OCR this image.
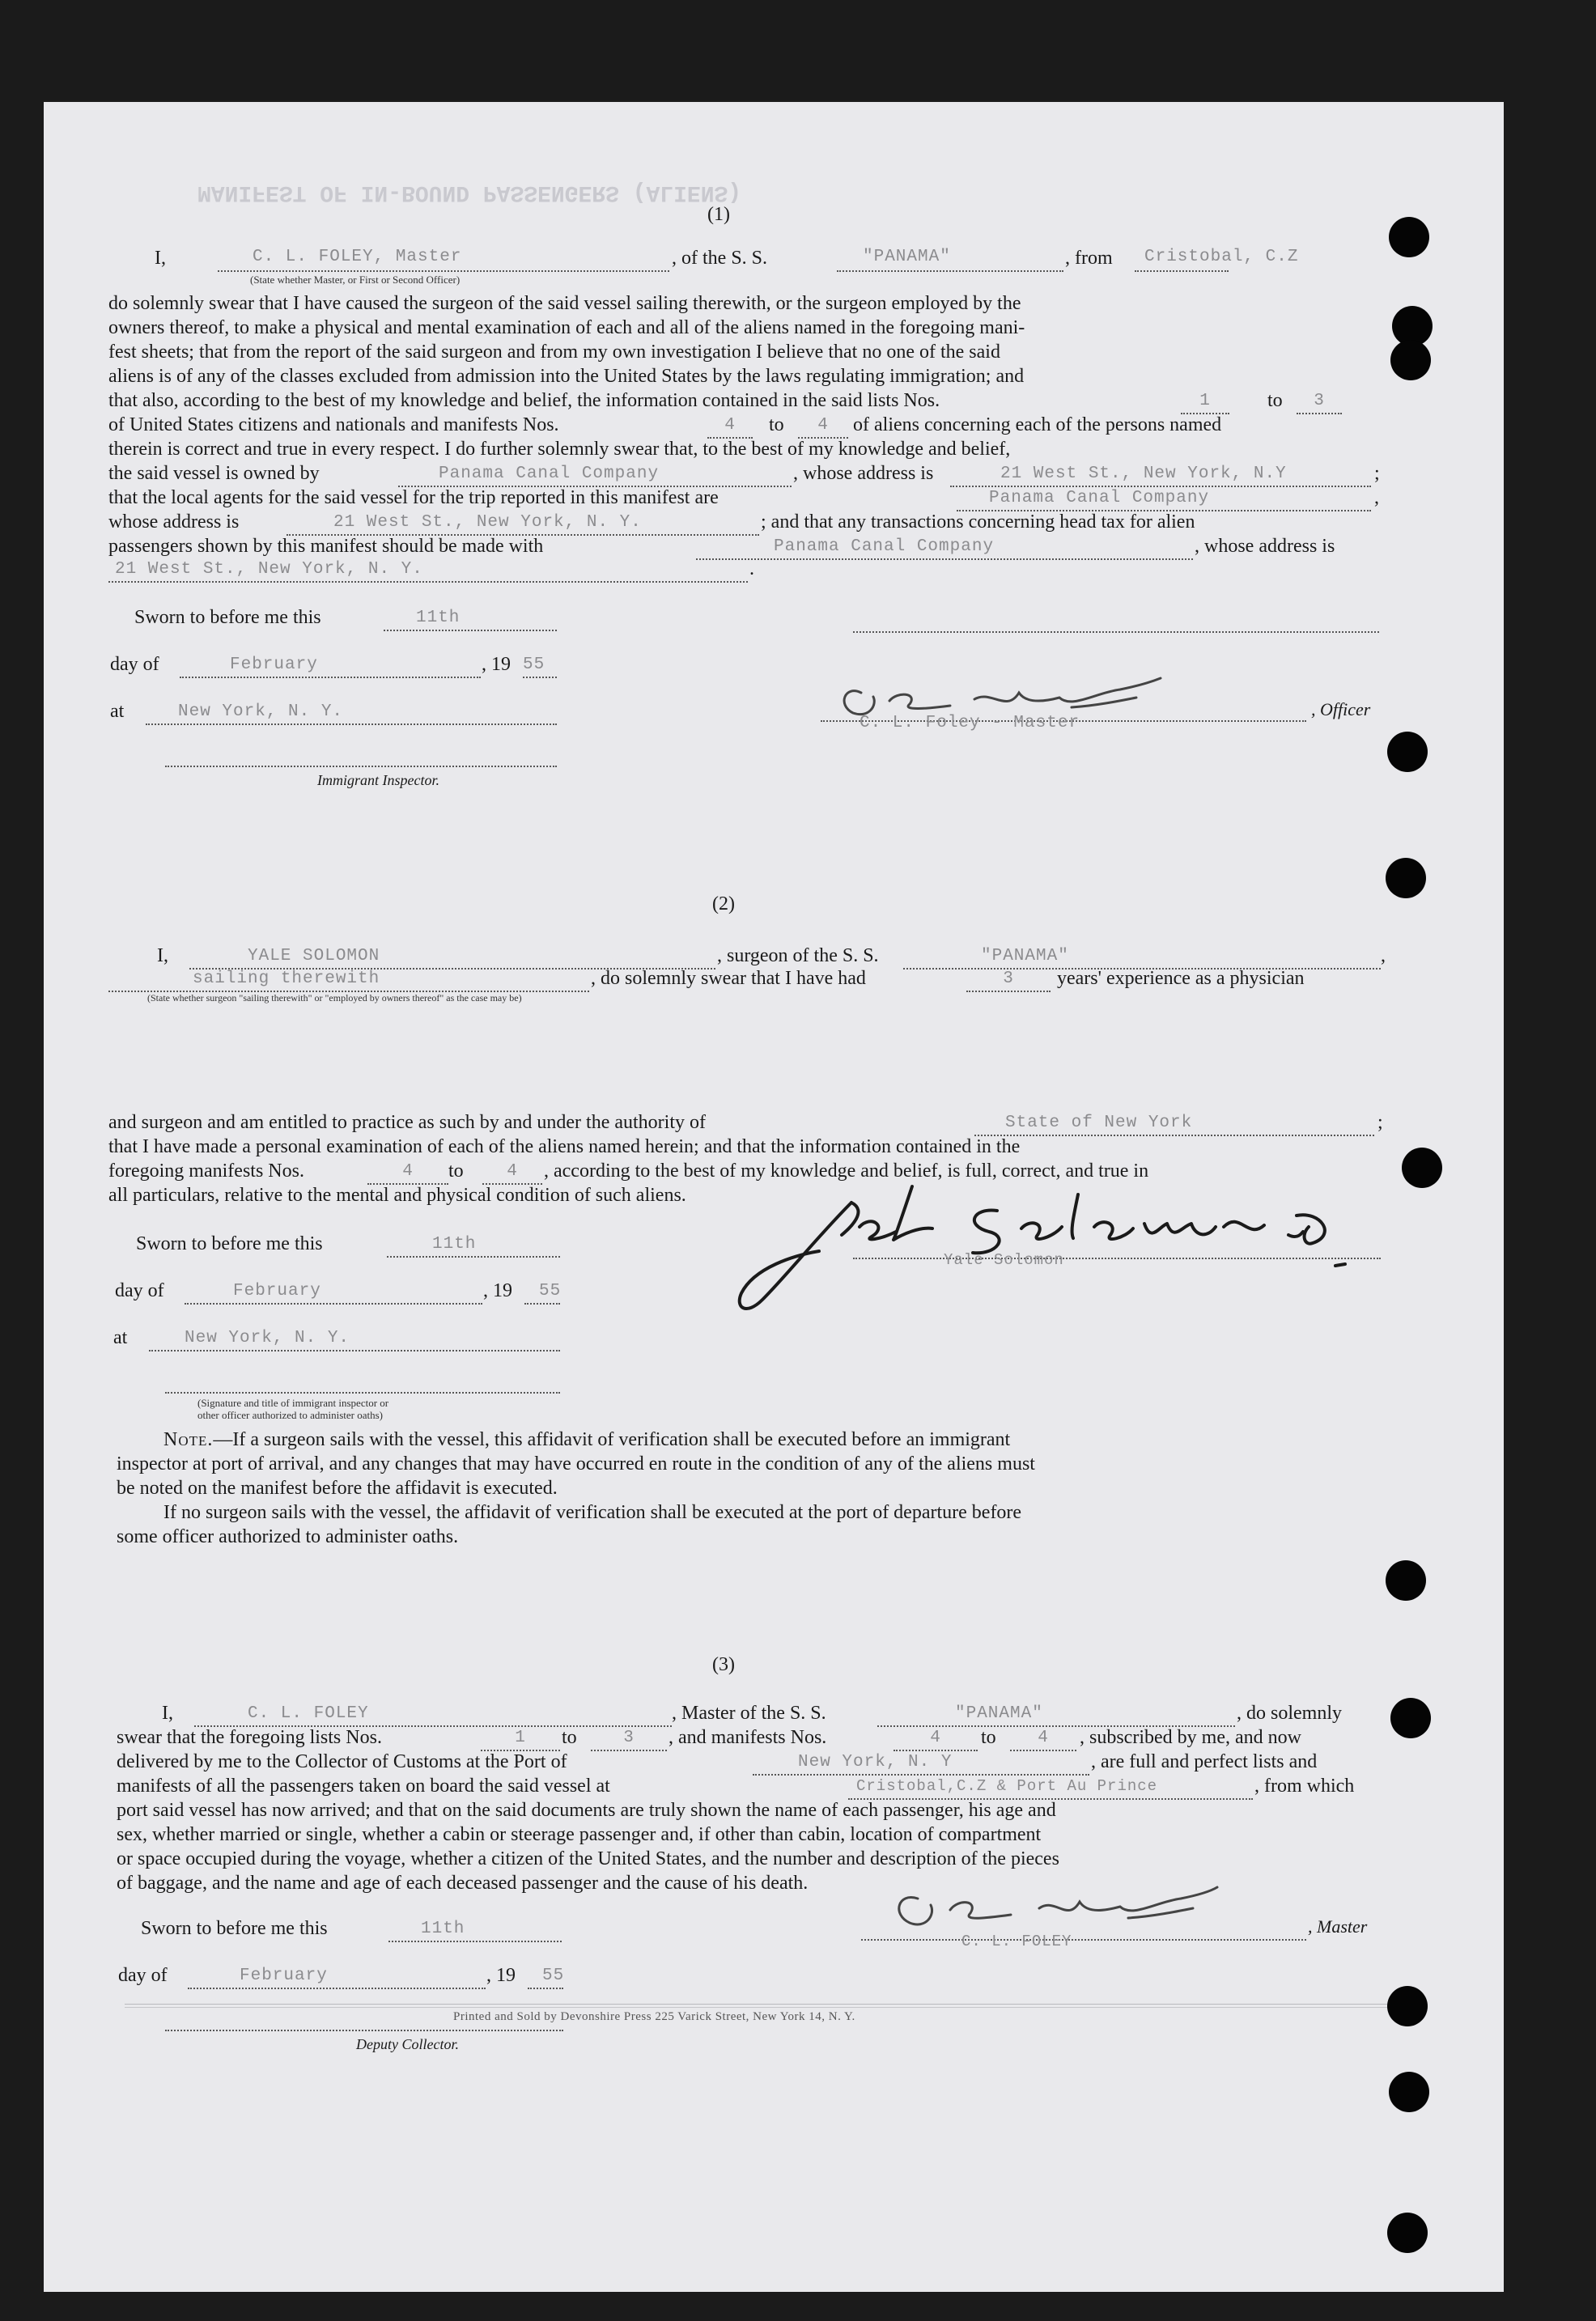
MANIFEST OF IN-BOUND PASSENGERS (ALIENS)
(1)
I,	C. L. FOLEY, Master	, of the S. S.	"PANAMA"	, from	Cristobal, C.Z
(State whether Master, or First or Second Officer)
do solemnly swear that I have caused the surgeon of the said vessel sailing therewith, or the surgeon employed by the
owners thereof, to make a physical and mental examination of each and all of the aliens named in the foregoing mani-
fest sheets; that from the report of the said surgeon and from my own investigation I believe that no one of the said
aliens is of any of the classes excluded from admission into the United States by the laws regulating immigration; and
that also, according to the best of my knowledge and belief, the information contained in the said lists Nos.	1	to	3
of United States citizens and nationals and manifests Nos.	4	to	4	of aliens concerning each of the persons named
therein is correct and true in every respect. I do further solemnly swear that, to the best of my knowledge and belief,
the said vessel is owned by	Panama Canal Company	, whose address is	21 West St., New York, N.Y	;
that the local agents for the said vessel for the trip reported in this manifest are	Panama Canal Company	,
whose address is	21 West St., New York, N. Y.	; and that any transactions concerning head tax for alien
passengers shown by this manifest should be made with	Panama Canal Company	, whose address is
21 West St., New York, N. Y.	.
Sworn to before me this	11th
day of	February	, 19 55
at	New York, N. Y.
C. L. Foley - Master
, Officer
Immigrant Inspector.
(2)
I,	YALE SOLOMON	, surgeon of the S. S.	"PANAMA"	,
sailing therewith	, do solemnly swear that I have had	3	years' experience as a physician
(State whether surgeon "sailing therewith" or "employed by owners thereof" as the case may be)
and surgeon and am entitled to practice as such by and under the authority of	State of New York	;
that I have made a personal examination of each of the aliens named herein; and that the information contained in the
foregoing manifests Nos.	4	to	4	, according to the best of my knowledge and belief, is full, correct, and true in
all particulars, relative to the mental and physical condition of such aliens.
Sworn to before me this	11th
Yale Solomon
day of	February	, 19	55
at	New York, N. Y.
(Signature and title of immigrant inspector or
other officer authorized to administer oaths)
Note.—If a surgeon sails with the vessel, this affidavit of verification shall be executed before an immigrant
inspector at port of arrival, and any changes that may have occurred en route in the condition of any of the aliens must
be noted on the manifest before the affidavit is executed.
If no surgeon sails with the vessel, the affidavit of verification shall be executed at the port of departure before
some officer authorized to administer oaths.
(3)
I,	C. L. FOLEY	, Master of the S. S.	"PANAMA"	, do solemnly
swear that the foregoing lists Nos.	1	to	3	, and manifests Nos.	4	to	4	, subscribed by me, and now
delivered by me to the Collector of Customs at the Port of	New York, N. Y	, are full and perfect lists and
manifests of all the passengers taken on board the said vessel at	Cristobal,C.Z & Port Au Prince	, from which
port said vessel has now arrived; and that on the said documents are truly shown the name of each passenger, his age and
sex, whether married or single, whether a cabin or steerage passenger and, if other than cabin, location of compartment
or space occupied during the voyage, whether a citizen of the United States, and the number and description of the pieces
of baggage, and the name and age of each deceased passenger and the cause of his death.
Sworn to before me this	11th
C. L. FOLEY
, Master
day of	February	, 19	55
Deputy Collector.
Printed and Sold by Devonshire Press 225 Varick Street, New York 14, N. Y.
